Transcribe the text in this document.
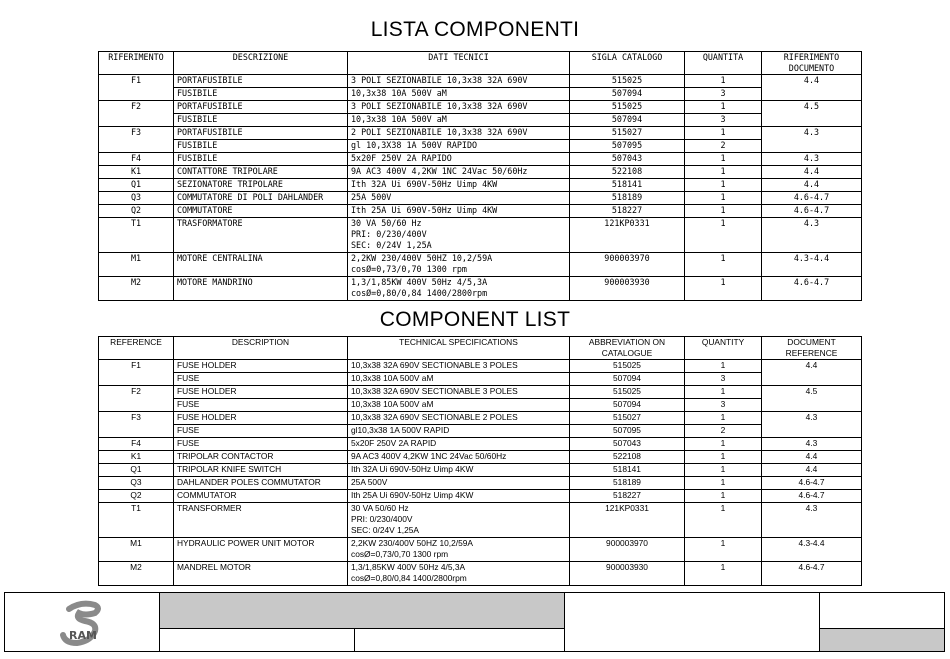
LISTA COMPONENTI
RIFERIMENTO	DESCRIZIONE	DATI TECNICI	SIGLA CATALOGO	QUANTITA	RIFERIMENTO DOCUMENTO
F1	PORTAFUSIBILE	3 POLI SEZIONABILE 10,3x38 32A 690V	515025	1	4.4
	FUSIBILE	10,3x38 10A 500V aM	507094	3	
F2	PORTAFUSIBILE	3 POLI SEZIONABILE 10,3x38 32A 690V	515025	1	4.5
	FUSIBILE	10,3x38 10A 500V aM	507094	3	
F3	PORTAFUSIBILE	2 POLI SEZIONABILE 10,3x38 32A 690V	515027	1	4.3
	FUSIBILE	gl 10,3X38 1A 500V RAPIDO	507095	2	
F4	FUSIBILE	5x20F 250V 2A RAPIDO	507043	1	4.3
K1	CONTATTORE TRIPOLARE	9A AC3 400V 4,2KW 1NC 24Vac 50/60Hz	522108	1	4.4
Q1	SEZIONATORE TRIPOLARE	Ith 32A Ui 690V-50Hz Uimp 4KW	518141	1	4.4
Q3	COMMUTATORE DI POLI DAHLANDER	25A 500V	518189	1	4.6-4.7
Q2	COMMUTATORE	Ith 25A Ui 690V-50Hz Uimp 4KW	518227	1	4.6-4.7
T1	TRASFORMATORE	30 VA 50/60 Hz
PRI: 0/230/400V
SEC: 0/24V 1,25A	121KP0331	1	4.3
M1	MOTORE CENTRALINA	2,2KW 230/400V 50HZ 10,2/59A
cosØ=0,73/0,70 1300 rpm	900003970	1	4.3-4.4
M2	MOTORE MANDRINO	1,3/1,85KW 400V 50Hz 4/5,3A
cosØ=0,80/0,84 1400/2800rpm	900003930	1	4.6-4.7
COMPONENT LIST
REFERENCE	DESCRIPTION	TECHNICAL SPECIFICATIONS	ABBREVIATION ON CATALOGUE	QUANTITY	DOCUMENT REFERENCE
F1	FUSE HOLDER	10,3x38 32A 690V SECTIONABLE 3 POLES	515025	1	4.4
	FUSE	10,3x38 10A 500V aM	507094	3	
F2	FUSE HOLDER	10,3x38 32A 690V SECTIONABLE 3 POLES	515025	1	4.5
	FUSE	10,3x38 10A 500V aM	507094	3	
F3	FUSE HOLDER	10,3x38 32A 690V SECTIONABLE 2 POLES	515027	1	4.3
	FUSE	gl10,3x38 1A 500V RAPID	507095	2	
F4	FUSE	5x20F 250V 2A RAPID	507043	1	4.3
K1	TRIPOLAR CONTACTOR	9A AC3 400V 4,2KW 1NC 24Vac 50/60Hz	522108	1	4.4
Q1	TRIPOLAR KNIFE SWITCH	Ith 32A Ui 690V-50Hz Uimp 4KW	518141	1	4.4
Q3	DAHLANDER POLES COMMUTATOR	25A 500V	518189	1	4.6-4.7
Q2	COMMUTATOR	Ith 25A Ui 690V-50Hz Uimp 4KW	518227	1	4.6-4.7
T1	TRANSFORMER	30 VA 50/60 Hz
PRI: 0/230/400V
SEC: 0/24V 1,25A	121KP0331	1	4.3
M1	HYDRAULIC POWER UNIT MOTOR	2,2KW 230/400V 50HZ 10,2/59A
cosØ=0,73/0,70 1300 rpm	900003970	1	4.3-4.4
M2	MANDREL MOTOR	1,3/1,85KW 400V 50Hz 4/5,3A
cosØ=0,80/0,84 1400/2800rpm	900003930	1	4.6-4.7
RAM
